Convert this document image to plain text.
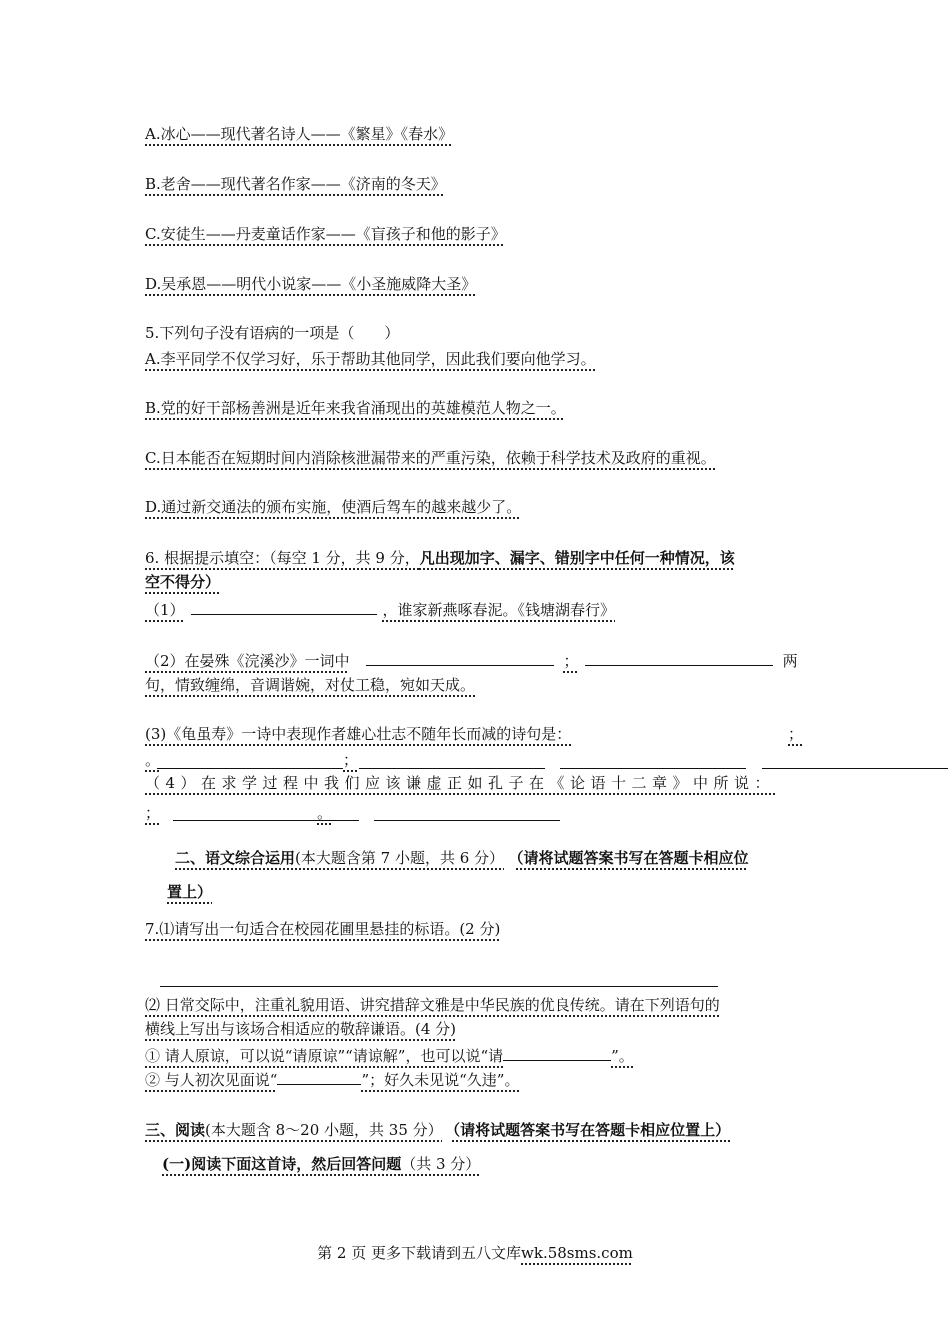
A.冰心——现代著名诗人——《繁星》《春水》
B.老舍——现代著名作家——《济南的冬天》
C.安徒生——丹麦童话作家——《盲孩子和他的影子》
D.吴承恩——明代小说家——《小圣施威降大圣》
5.下列句子没有语病的一项是（　　）
A.李平同学不仅学习好，乐于帮助其他同学，因此我们要向他学习。
B.党的好干部杨善洲是近年来我省涌现出的英雄模范人物之一。
C.日本能否在短期时间内消除核泄漏带来的严重污染，依赖于科学技术及政府的重视。
D.通过新交通法的颁布实施，使酒后驾车的越来越少了。
6. 根据提示填空：（每空 1 分，共 9 分，凡出现加字、漏字、错别字中任何一种情况，该
空不得分）
（1）	，谁家新燕啄春泥。《钱塘湖春行》
（2）在晏殊《浣溪沙》一词中	；	两
句，情致缠绵，音调谐婉，对仗工稳，宛如天成。
(3)《龟虽寿》一诗中表现作者雄心壮志不随年长而减的诗句是：	；
。	；
（4）在求学过程中我们应该谦虚正如孔子在《论语十二章》中所说：
；	。
二、语文综合运用(本大题含第 7 小题，共 6 分） （请将试题答案书写在答题卡相应位
置上）
7.⑴请写出一句适合在校园花圃里悬挂的标语。(2 分)
⑵ 日常交际中，注重礼貌用语、讲究措辞文雅是中华民族的优良传统。请在下列语句的
横线上写出与该场合相适应的敬辞谦语。(4 分)
① 请人原谅，可以说“请原谅”“请谅解”，也可以说“请	”。
② 与人初次见面说“	”；好久未见说“久违”。
三、阅读(本大题含 8～20 小题，共 35 分） （请将试题答案书写在答题卡相应位置上）
(一)阅读下面这首诗，然后回答问题（共 3 分）
第 2 页 更多下载请到五八文库wk.58sms.com
